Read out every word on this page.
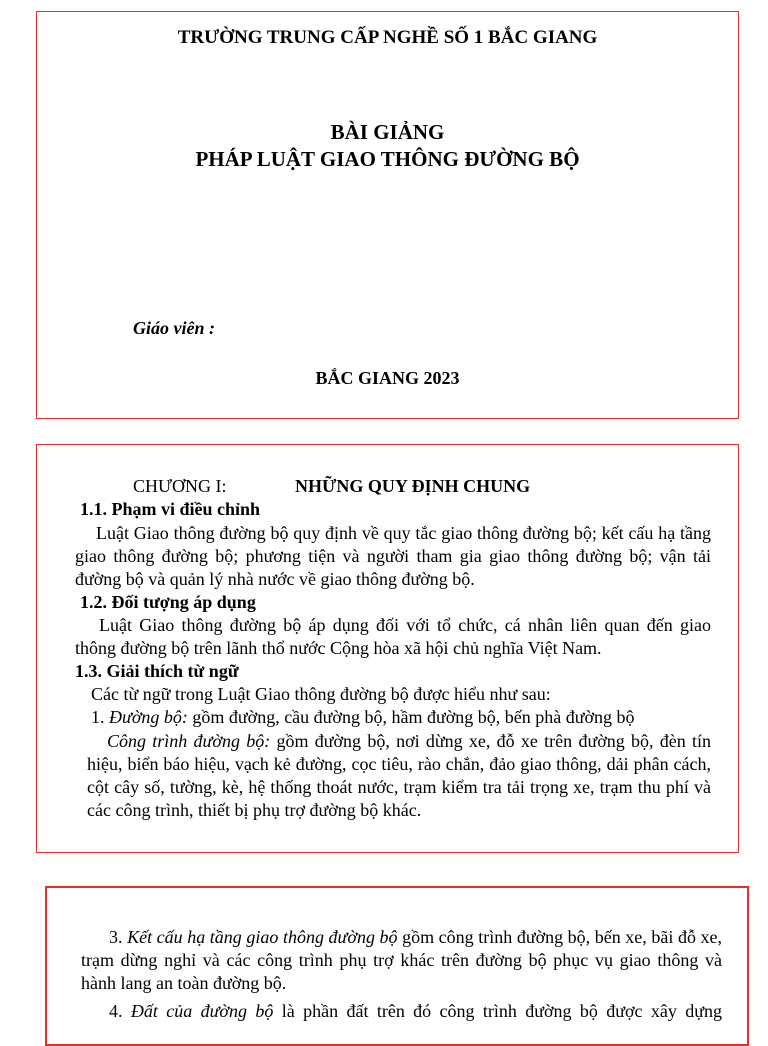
TRƯỜNG TRUNG CẤP NGHỀ SỐ 1 BẮC GIANG
BÀI GIẢNG
PHÁP LUẬT GIAO THÔNG ĐƯỜNG BỘ
Giáo viên :
BẮC GIANG 2023
CHƯƠNG I:	NHỮNG QUY ĐỊNH CHUNG
1.1. Phạm vi điều chỉnh
Luật Giao thông đường bộ quy định về quy tắc giao thông đường bộ; kết cấu hạ tầng giao thông đường bộ; phương tiện và người tham gia giao thông đường bộ; vận tải đường bộ và quản lý nhà nước về giao thông đường bộ.
1.2. Đối tượng áp dụng
Luật Giao thông đường bộ áp dụng đối với tổ chức, cá nhân liên quan đến giao thông đường bộ trên lãnh thổ nước Cộng hòa xã hội chủ nghĩa Việt Nam.
1.3. Giải thích từ ngữ
Các từ ngữ trong Luật Giao thông đường bộ được hiểu như sau:
1. Đường bộ: gồm đường, cầu đường bộ, hầm đường bộ, bến phà đường bộ
Công trình đường bộ: gồm đường bộ, nơi dừng xe, đỗ xe trên đường bộ, đèn tín hiệu, biển báo hiệu, vạch kẻ đường, cọc tiêu, rào chắn, đảo giao thông, dải phân cách, cột cây số, tường, kè, hệ thống thoát nước, trạm kiểm tra tải trọng xe, trạm thu phí và các công trình, thiết bị phụ trợ đường bộ khác.
3. Kết cấu hạ tầng giao thông đường bộ gồm công trình đường bộ, bến xe, bãi đỗ xe, trạm dừng nghỉ và các công trình phụ trợ khác trên đường bộ phục vụ giao thông và hành lang an toàn đường bộ.
4. Đất của đường bộ là phần đất trên đó công trình đường bộ được xây dựng
